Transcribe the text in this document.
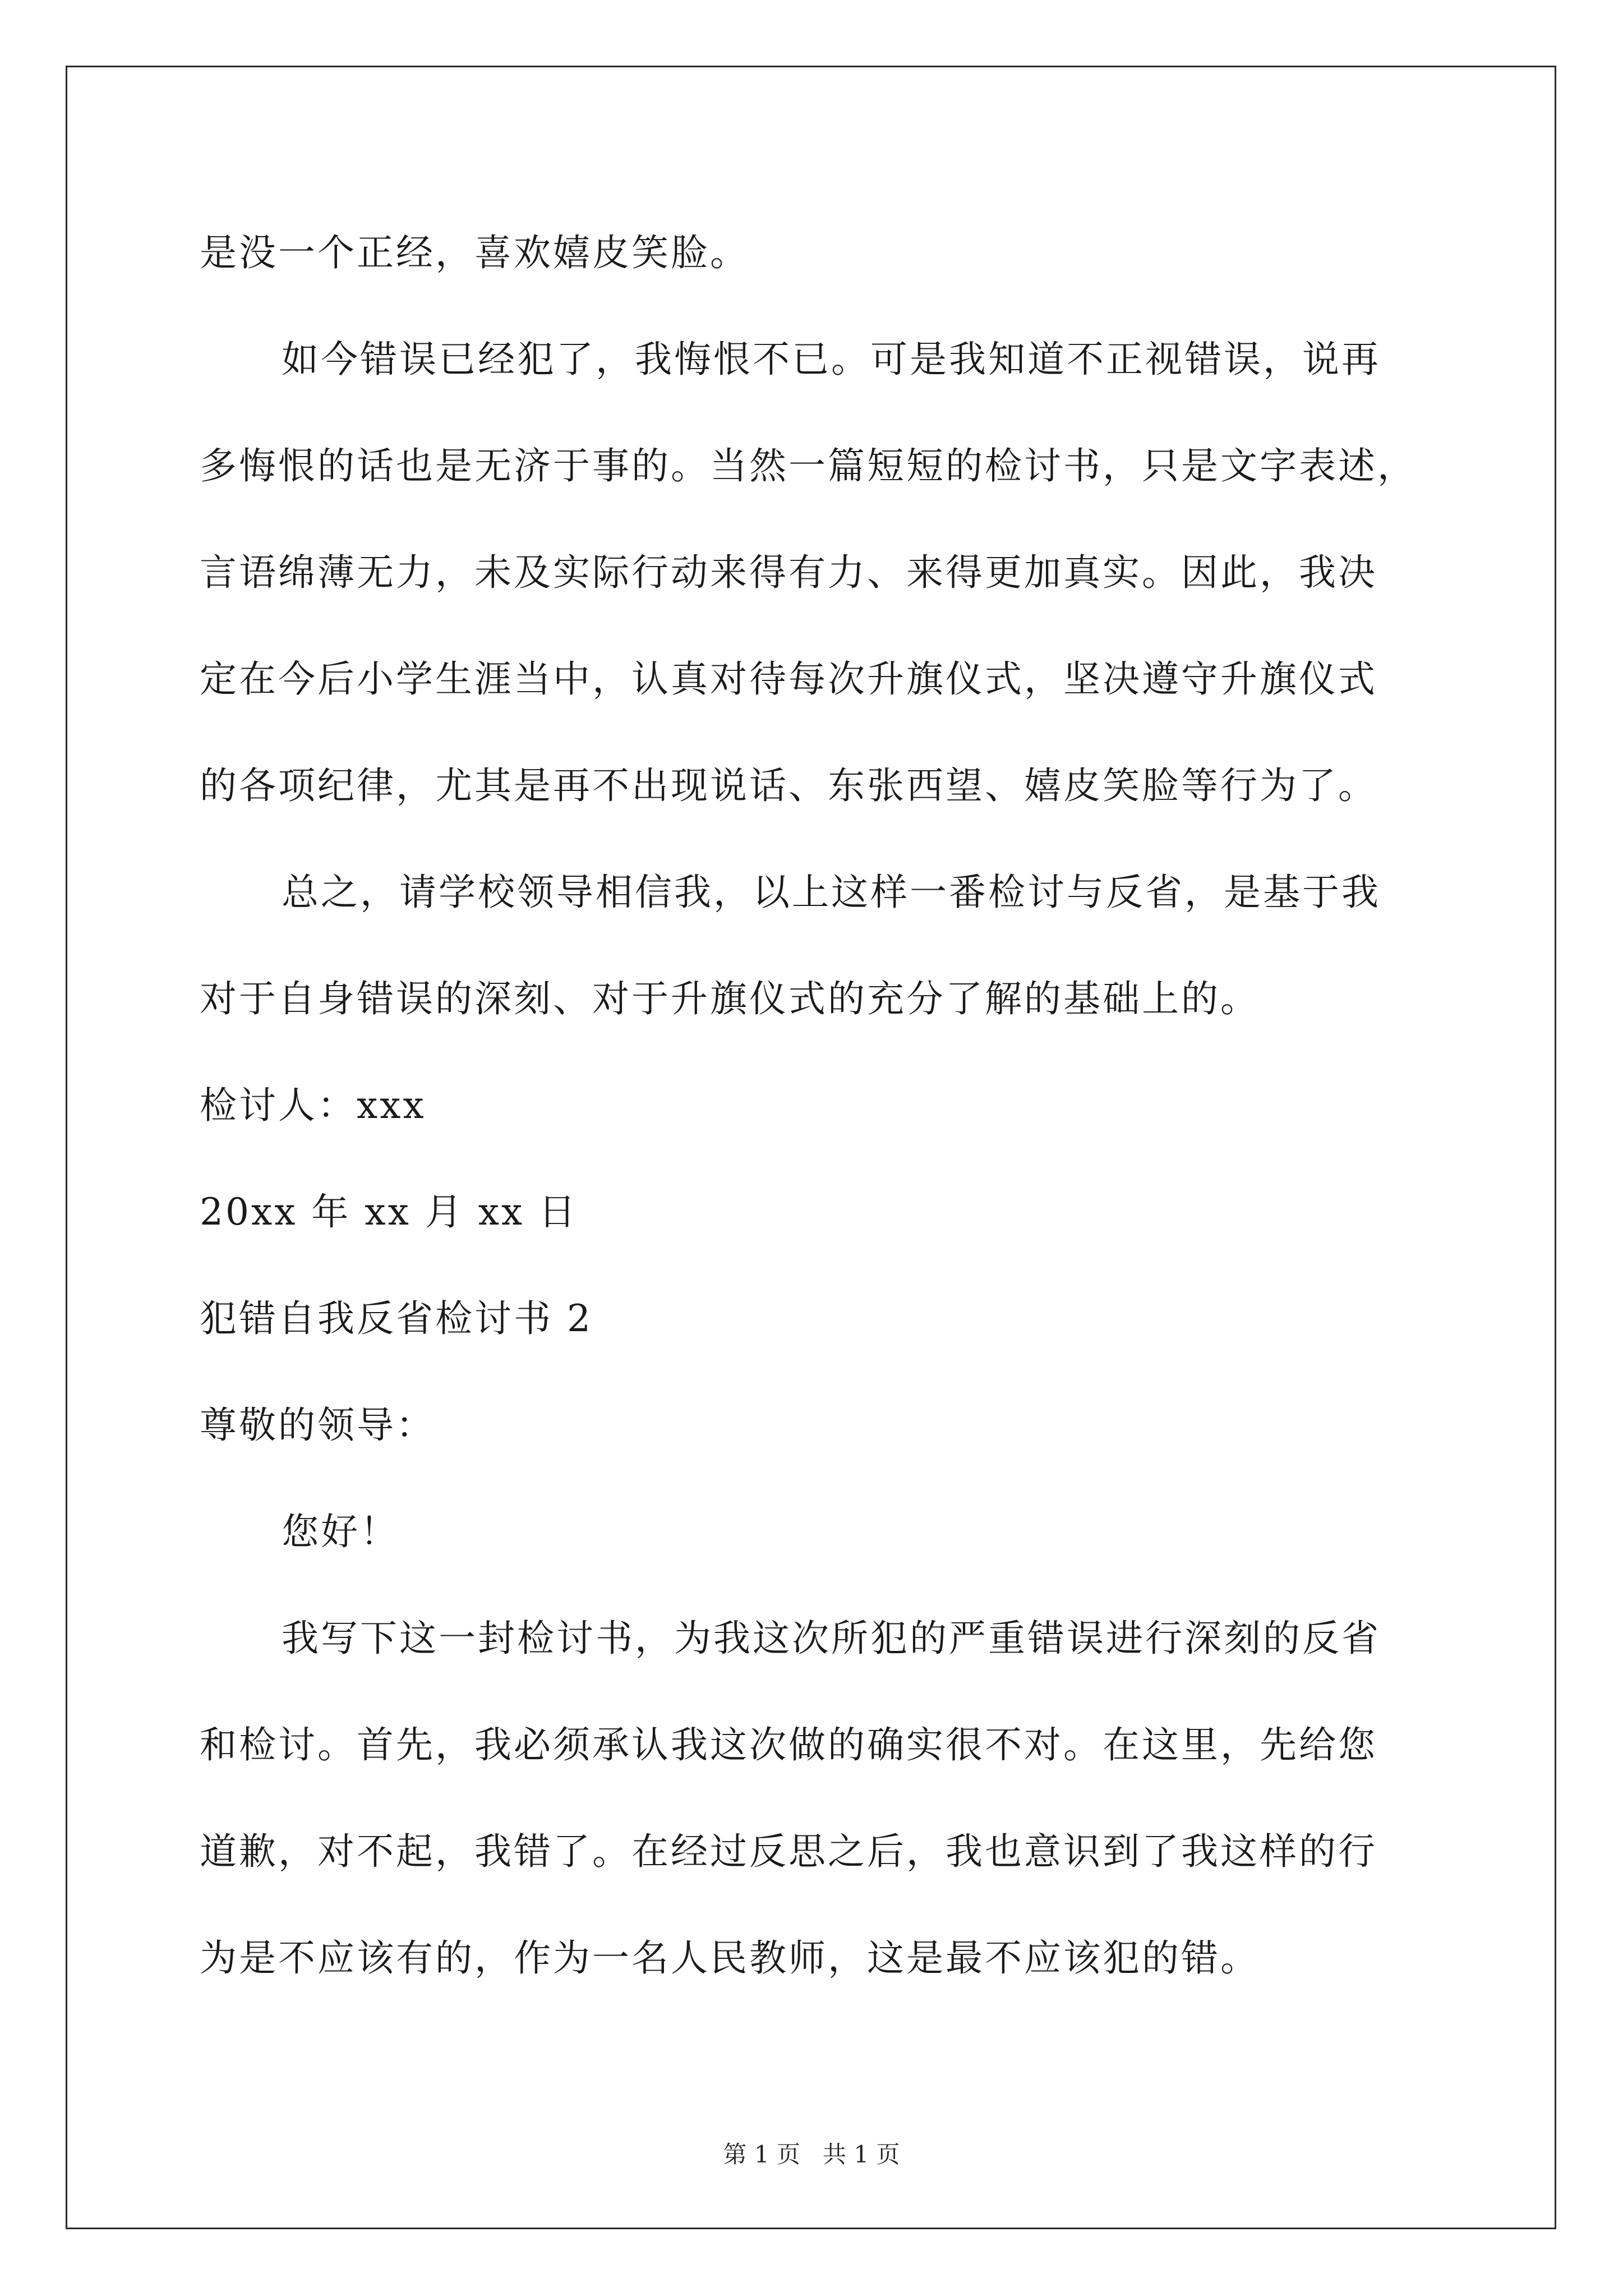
是没一个正经，喜欢嬉皮笑脸。
如今错误已经犯了，我悔恨不已。可是我知道不正视错误，说再
多悔恨的话也是无济于事的。当然一篇短短的检讨书，只是文字表述，
言语绵薄无力，未及实际行动来得有力、来得更加真实。因此，我决
定在今后小学生涯当中，认真对待每次升旗仪式，坚决遵守升旗仪式
的各项纪律，尤其是再不出现说话、东张西望、嬉皮笑脸等行为了。
总之，请学校领导相信我，以上这样一番检讨与反省，是基于我
对于自身错误的深刻、对于升旗仪式的充分了解的基础上的。
检讨人：xxx
20xx 年 xx 月 xx 日
犯错自我反省检讨书 2
尊敬的领导：
您好！
我写下这一封检讨书，为我这次所犯的严重错误进行深刻的反省
和检讨。首先，我必须承认我这次做的确实很不对。在这里，先给您
道歉，对不起，我错了。在经过反思之后，我也意识到了我这样的行
为是不应该有的，作为一名人民教师，这是最不应该犯的错。
第 1 页   共 1 页
